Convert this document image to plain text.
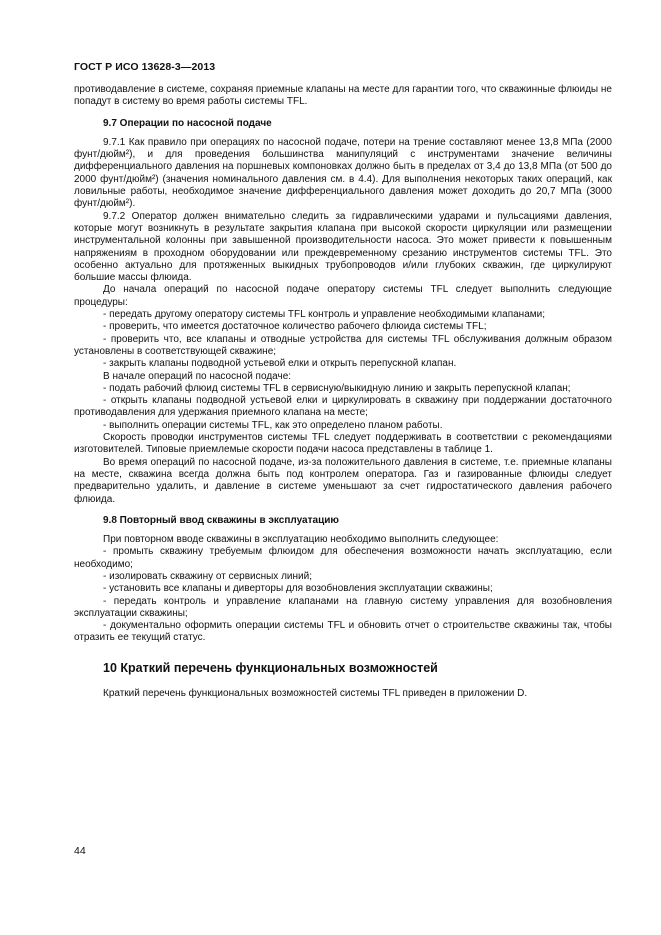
ГОСТ Р ИСО 13628-3—2013

противодавление в системе, сохраняя приемные клапаны на месте для гарантии того, что скважинные флюиды не попадут в систему во время работы системы TFL.

9.7 Операции по насосной подаче

9.7.1 Как правило при операциях по насосной подаче, потери на трение составляют менее 13,8 МПа (2000 фунт/дюйм²), и для проведения большинства манипуляций с инструментами значение величины дифференциального давления на поршневых компоновках должно быть в пределах от 3,4 до 13,8 МПа (от 500 до 2000 фунт/дюйм²) (значения номинального давления см. в 4.4). Для выполнения некоторых таких операций, как ловильные работы, необходимое значение дифференциального давления может доходить до 20,7 МПа (3000 фунт/дюйм²).

9.7.2 Оператор должен внимательно следить за гидравлическими ударами и пульсациями давления, которые могут возникнуть в результате закрытия клапана при высокой скорости циркуляции или размещении инструментальной колонны при завышенной производительности насоса. Это может привести к повышенным напряжениям в проходном оборудовании или преждевременному срезанию инструментов системы TFL. Это особенно актуально для протяженных выкидных трубопроводов и/или глубоких скважин, где циркулируют большие массы флюида.

До начала операций по насосной подаче оператору системы TFL следует выполнить следующие процедуры:

- передать другому оператору системы TFL контроль и управление необходимыми клапанами;

- проверить, что имеется достаточное количество рабочего флюида системы TFL;

- проверить что, все клапаны и отводные устройства для системы TFL обслуживания должным образом установлены в соответствующей скважине;

- закрыть клапаны подводной устьевой елки и открыть перепускной клапан.

В начале операций по насосной подаче:

- подать рабочий флюид системы TFL в сервисную/выкидную линию и закрыть перепускной клапан;

- открыть клапаны подводной устьевой елки и циркулировать в скважину при поддержании достаточного противодавления для удержания приемного клапана на месте;

- выполнить операции системы TFL, как это определено планом работы.

Скорость проводки инструментов системы TFL следует поддерживать в соответствии с рекомендациями изготовителей. Типовые приемлемые скорости подачи насоса представлены в таблице 1.

Во время операций по насосной подаче, из-за положительного давления в системе, т.е. приемные клапаны на месте, скважина всегда должна быть под контролем оператора. Газ и газированные флюиды следует предварительно удалить, и давление в системе уменьшают за счет гидростатического давления рабочего флюида.

9.8 Повторный ввод скважины в эксплуатацию

При повторном вводе скважины в эксплуатацию необходимо выполнить следующее:

- промыть скважину требуемым флюидом для обеспечения возможности начать эксплуатацию, если необходимо;

- изолировать скважину от сервисных линий;

- установить все клапаны и диверторы для возобновления эксплуатации скважины;

- передать контроль и управление клапанами на главную систему управления для возобновления эксплуатации скважины;

- документально оформить операции системы TFL и обновить отчет о строительстве скважины так, чтобы отразить ее текущий статус.

10 Краткий перечень функциональных возможностей

Краткий перечень функциональных возможностей системы TFL приведен в приложении D.

44
